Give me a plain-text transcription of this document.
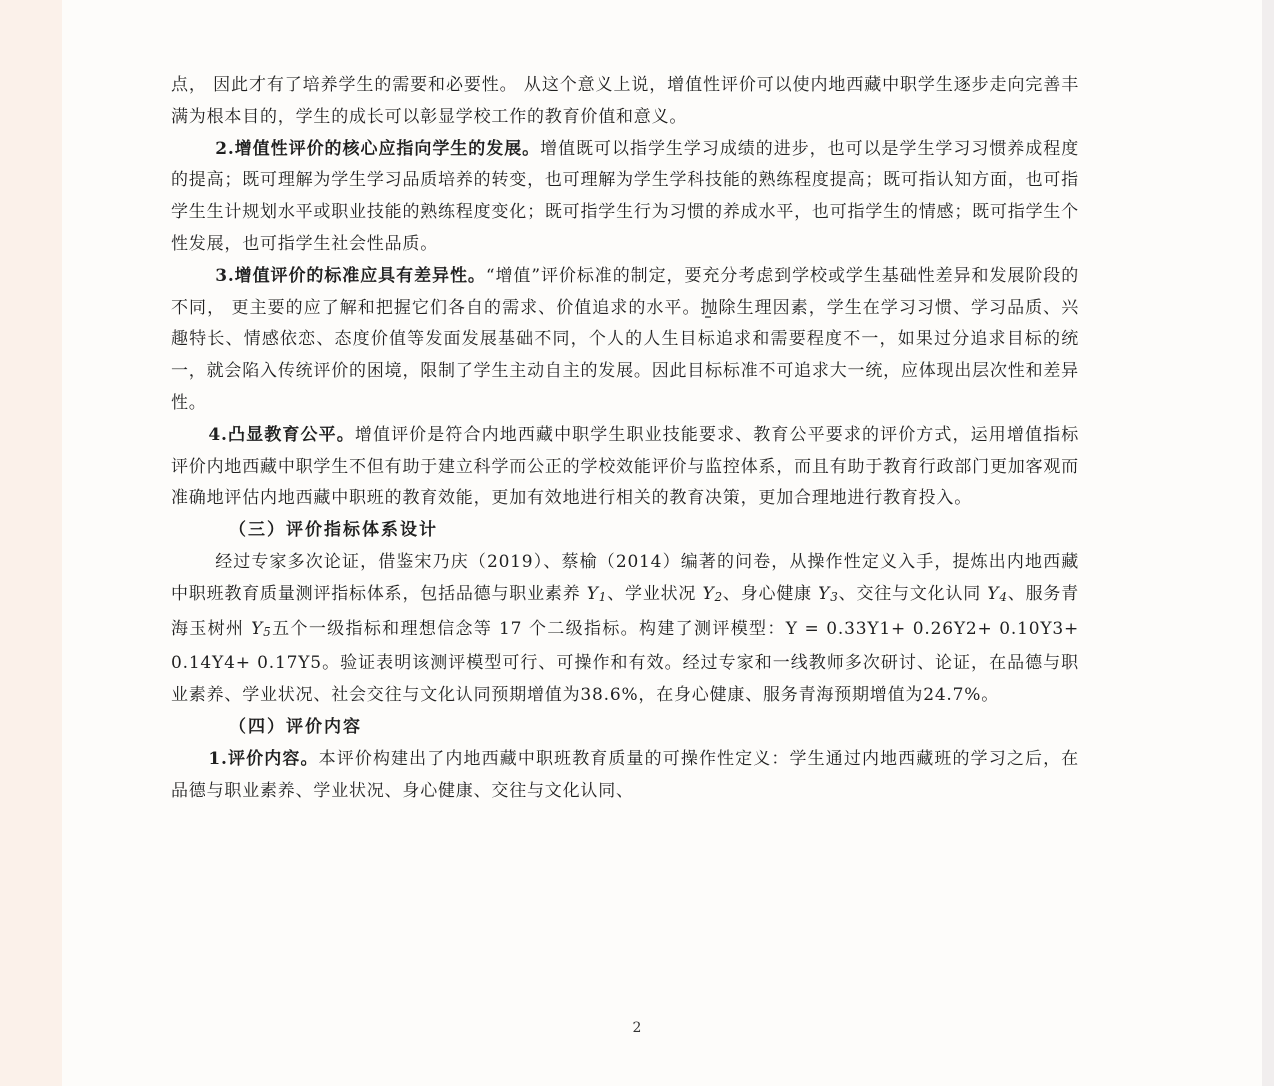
点， 因此才有了培养学生的需要和必要性。 从这个意义上说，增值性评价可以使内地西藏中职学生逐步走向完善丰满为根本目的，学生的成长可以彰显学校工作的教育价值和意义。

2.增值性评价的核心应指向学生的发展。增值既可以指学生学习成绩的进步，也可以是学生学习习惯养成程度的提高；既可理解为学生学习品质培养的转变，也可理解为学生学科技能的熟练程度提高；既可指认知方面，也可指学生生计规划水平或职业技能的熟练程度变化；既可指学生行为习惯的养成水平，也可指学生的情感；既可指学生个性发展，也可指学生社会性品质。

3.增值评价的标准应具有差异性。“增值”评价标准的制定，要充分考虑到学校或学生基础性差异和发展阶段的不同， 更主要的应了解和把握它们各自的需求、价值追求的水平。抛除生理因素，学生在学习习惯、学习品质、兴趣特长、情感依恋、态度价值等发面发展基础不同，个人的人生目标追求和需要程度不一，如果过分追求目标的统一，就会陷入传统评价的困境，限制了学生主动自主的发展。因此目标标准不可追求大一统，应体现出层次性和差异性。

4.凸显教育公平。增值评价是符合内地西藏中职学生职业技能要求、教育公平要求的评价方式，运用增值指标评价内地西藏中职学生不但有助于建立科学而公正的学校效能评价与监控体系，而且有助于教育行政部门更加客观而准确地评估内地西藏中职班的教育效能，更加有效地进行相关的教育决策，更加合理地进行教育投入。

（三）评价指标体系设计

经过专家多次论证，借鉴宋乃庆（2019）、蔡榆（2014）编著的问卷，从操作性定义入手，提炼出内地西藏中职班教育质量测评指标体系，包括品德与职业素养 Y1、学业状况 Y2、身心健康 Y3、交往与文化认同 Y4、服务青海玉树州 Y5五个一级指标和理想信念等 17 个二级指标。构建了测评模型：Y = 0.33Y1+ 0.26Y2+ 0.10Y3+ 0.14Y4+ 0.17Y5。验证表明该测评模型可行、可操作和有效。经过专家和一线教师多次研讨、论证，在品德与职业素养、学业状况、社会交往与文化认同预期增值为38.6%，在身心健康、服务青海预期增值为24.7%。

（四）评价内容

1.评价内容。本评价构建出了内地西藏中职班教育质量的可操作性定义：学生通过内地西藏班的学习之后，在品德与职业素养、学业状况、身心健康、交往与文化认同、

2
